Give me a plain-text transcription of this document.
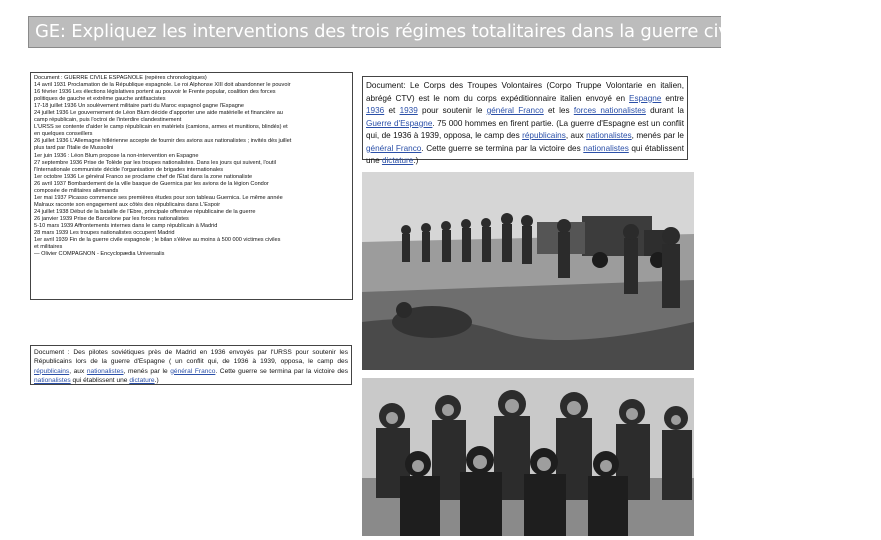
GE: Expliquez les interventions des trois régimes totalitaires dans la guerre civile espagnole (19

Document : GUERRE CIVILE ESPAGNOLE (repères chronologiques)

14 avril 1931 Proclamation de la République espagnole. Le roi Alphonse XIII doit abandonner le pouvoir

16 février 1936 Les élections législatives portent au pouvoir le Frente popular, coalition des forces

politiques de gauche et extrême gauche antifascistes

17-18 juillet 1936 Un soulèvement militaire parti du Maroc espagnol gagne l'Espagne

24 juillet 1936 Le gouvernement de Léon Blum décide d'apporter une aide matérielle et financière au

camp républicain, puis l'octroi de l'interdire clandestinement

L'URSS se contente d'aider le camp républicain en matériels (camions, armes et munitions, blindés) et

en quelques conseillers

26 juillet 1936 L'Allemagne hitlérienne accepte de fournir des avions aux nationalistes ; invités dès juillet

plus tard par l'Italie de Mussolini

1er juin 1936 : Léon Blum propose la non-intervention en Espagne

27 septembre 1936 Prise de Tolède par les troupes nationalistes. Dans les jours qui suivent, l'outil

l'Internationale communiste décide l'organisation de brigades internationales

1er octobre 1936 Le général Franco se proclame chef de l'État dans la zone nationaliste

26 avril 1937 Bombardement de la ville basque de Guernica par les avions de la légion Condor

composée de militaires allemands

1er mai 1937 Picasso commence ses premières études pour son tableau Guernica. Le même année

Malraux raconte son engagement aux côtés des républicains dans L'Espoir

24 juillet 1938 Début de la bataille de l'Ebre, principale offensive républicaine de la guerre

26 janvier 1939 Prise de Barcelone par les forces nationalistes

5-10 mars 1939 Affrontements internes dans le camp républicain à Madrid

28 mars 1939 Les troupes nationalistes occupent Madrid

1er avril 1939 Fin de la guerre civile espagnole ; le bilan s'élève au moins à 500 000 victimes civiles

et militaires

— Olivier COMPAGNON - Encyclopædia Universalis

Document: Le Corps des Troupes Volontaires (Corpo Truppe Volontarie en italien, abrégé CTV) est le nom du corps expéditionnaire italien envoyé en Espagne entre 1936 et 1939 pour soutenir le général Franco et les forces nationalistes durant la Guerre d'Espagne. 75 000 hommes en firent partie. (La guerre d'Espagne est un conflit qui, de 1936 à 1939, opposa, le camp des républicains, aux nationalistes, menés par le général Franco. Cette guerre se termina par la victoire des nationalistes qui établissent une dictature.)
Document : Des pilotes soviétiques près de Madrid en 1936 envoyés par l'URSS pour soutenir les Républicains lors de la guerre d'Espagne ( un conflit qui, de 1936 à 1939, opposa, le camp des républicains, aux nationalistes, menés par le général Franco. Cette guerre se termina par la victoire des nationalistes qui établissent une dictature.)
